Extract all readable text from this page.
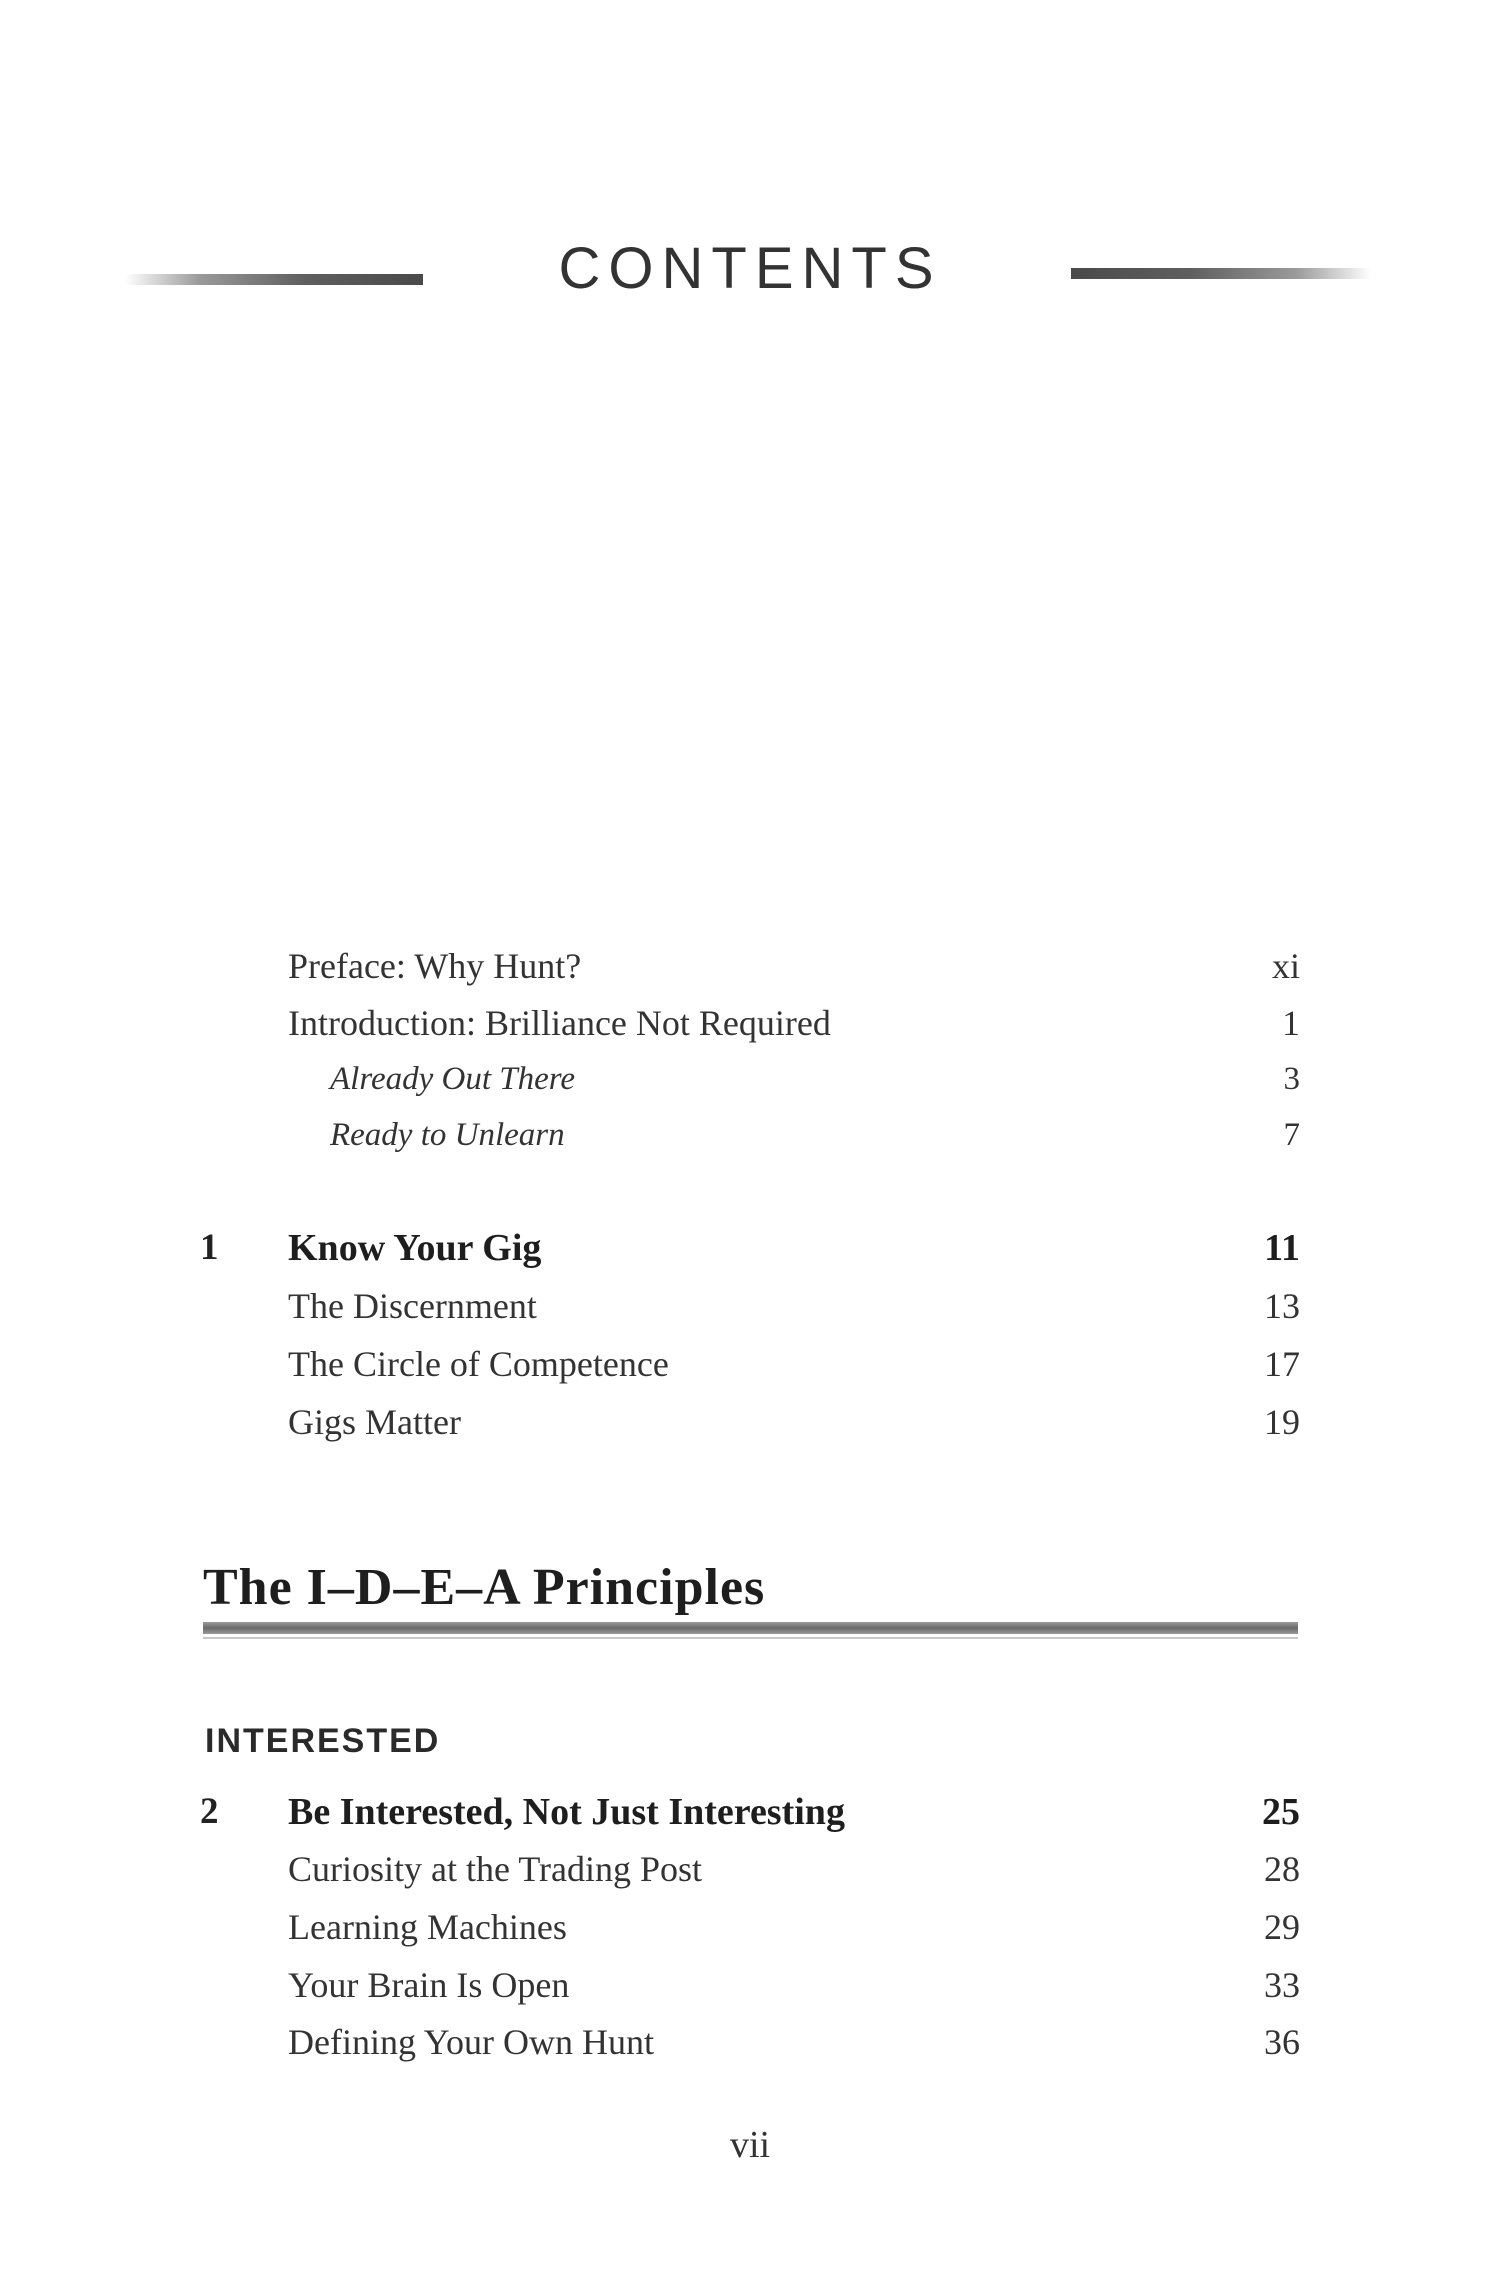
CONTENTS
Preface: Why Hunt?	xi
Introduction: Brilliance Not Required	1
Already Out There	3
Ready to Unlearn	7
1 Know Your Gig	11
The Discernment	13
The Circle of Competence	17
Gigs Matter	19
The I–D–E–A Principles
INTERESTED
2 Be Interested, Not Just Interesting	25
Curiosity at the Trading Post	28
Learning Machines	29
Your Brain Is Open	33
Defining Your Own Hunt	36
vii
